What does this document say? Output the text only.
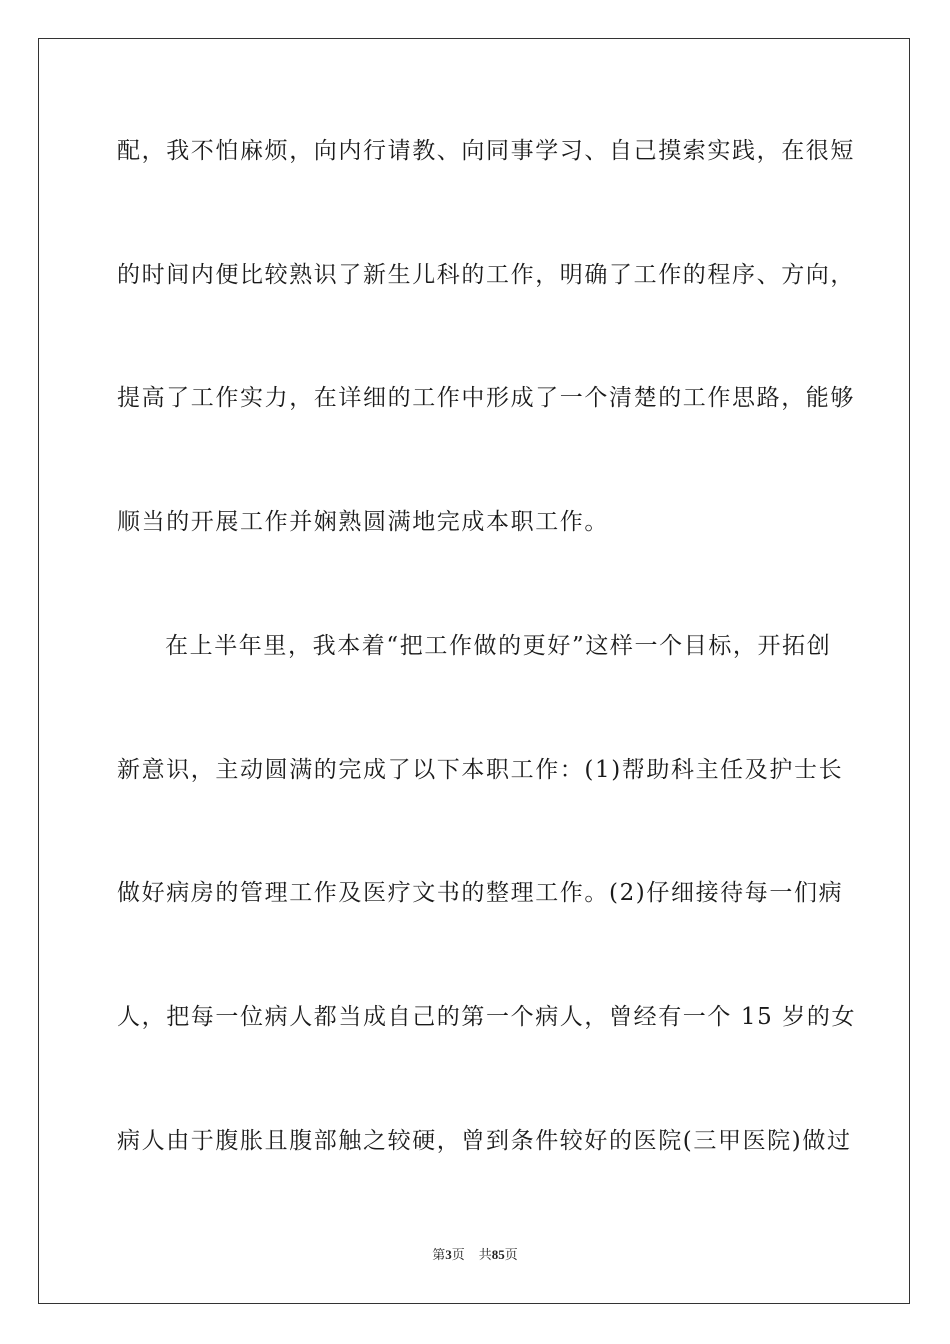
配，我不怕麻烦，向内行请教、向同事学习、自己摸索实践，在很短
的时间内便比较熟识了新生儿科的工作，明确了工作的程序、方向，
提高了工作实力，在详细的工作中形成了一个清楚的工作思路，能够
顺当的开展工作并娴熟圆满地完成本职工作。
在上半年里，我本着“把工作做的更好”这样一个目标，开拓创
新意识，主动圆满的完成了以下本职工作：(1)帮助科主任及护士长
做好病房的管理工作及医疗文书的整理工作。(2)仔细接待每一们病
人，把每一位病人都当成自己的第一个病人，曾经有一个 15 岁的女
病人由于腹胀且腹部触之较硬，曾到条件较好的医院(三甲医院)做过
第3页 共85页
